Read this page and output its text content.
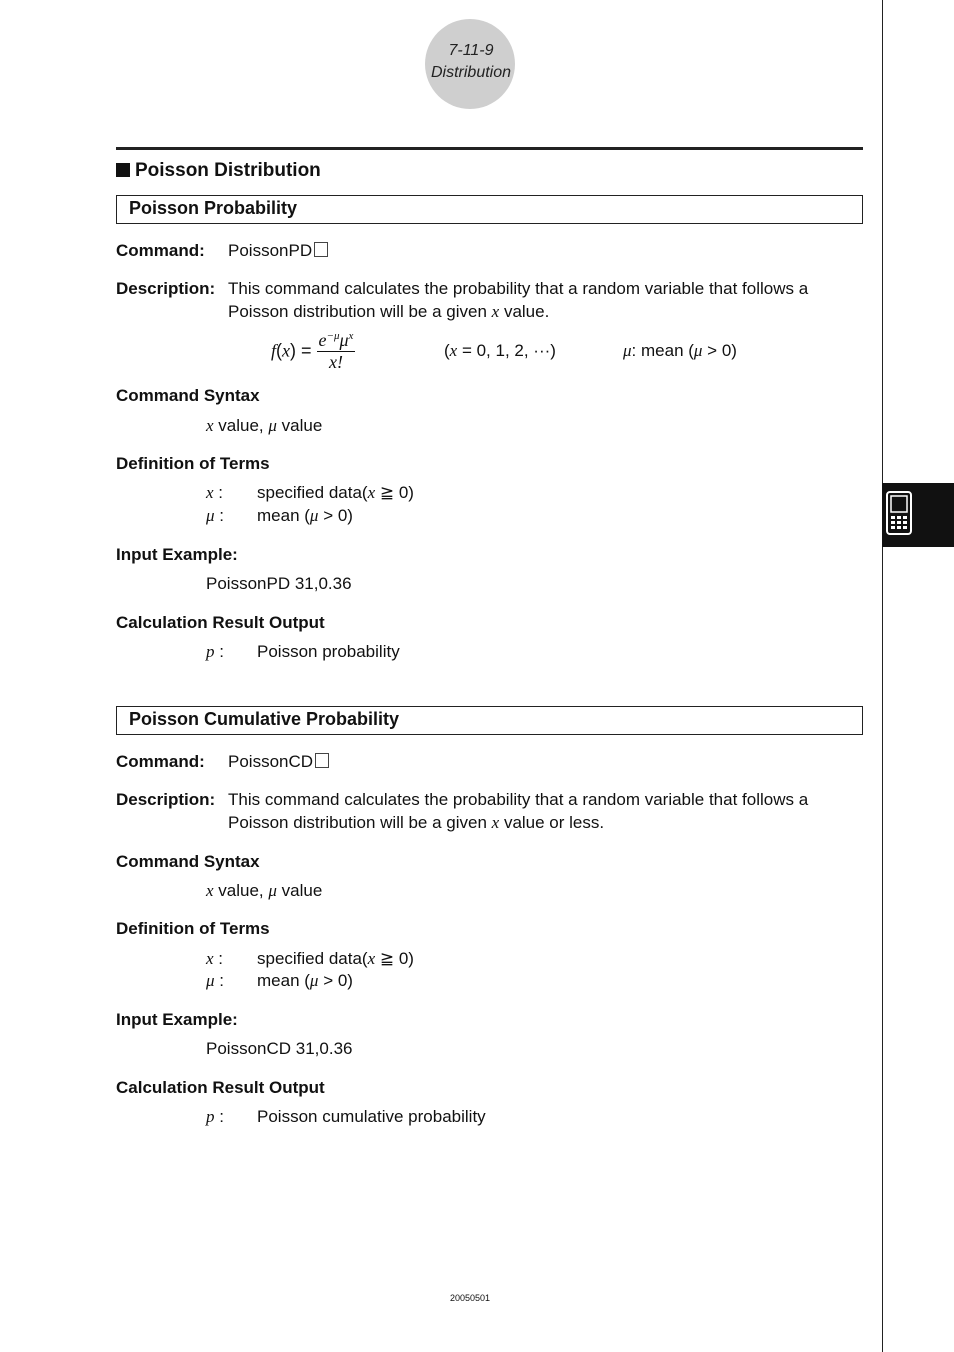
7-11-9
Distribution
Poisson Distribution
Poisson Probability
Command: PoissonPD
Description: This command calculates the probability that a random variable that follows a
Poisson distribution will be a given x value.
$f(x) = \frac{e^{-\mu}\mu^x}{x!}$	(x = 0, 1, 2, ···)	μ: mean (μ > 0)
Command Syntax
x value, μ value
Definition of Terms
x : specified data(x ≧ 0)
μ : mean (μ > 0)
Input Example:
PoissonPD 31,0.36
Calculation Result Output
p : Poisson probability
Poisson Cumulative Probability
Command: PoissonCD
Description: This command calculates the probability that a random variable that follows a
Poisson distribution will be a given x value or less.
Command Syntax
x value, μ value
Definition of Terms
x : specified data(x ≧ 0)
μ : mean (μ > 0)
Input Example:
PoissonCD 31,0.36
Calculation Result Output
p : Poisson cumulative probability
20050501
